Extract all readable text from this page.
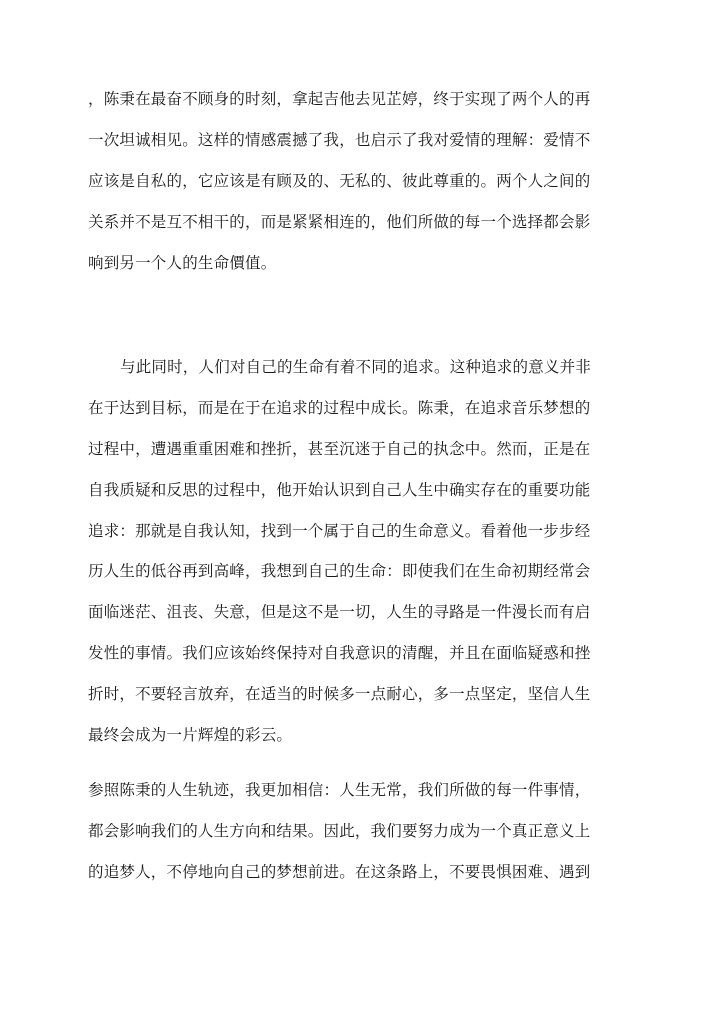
，陈秉在最奋不顾身的时刻，拿起吉他去见芷婷，终于实现了两个人的再
一次坦诚相见。这样的情感震撼了我，也启示了我对爱情的理解：爱情不
应该是自私的，它应该是有顾及的、无私的、彼此尊重的。两个人之间的
关系并不是互不相干的，而是紧紧相连的，他们所做的每一个选择都会影
响到另一个人的生命價值。
与此同时，人们对自己的生命有着不同的追求。这种追求的意义并非
在于达到目标，而是在于在追求的过程中成长。陈秉，在追求音乐梦想的
过程中，遭遇重重困难和挫折，甚至沉迷于自己的执念中。然而，正是在
自我质疑和反思的过程中，他开始认识到自己人生中确实存在的重要功能
追求：那就是自我认知，找到一个属于自己的生命意义。看着他一步步经
历人生的低谷再到高峰，我想到自己的生命：即使我们在生命初期经常会
面临迷茫、沮丧、失意，但是这不是一切，人生的寻路是一件漫长而有启
发性的事情。我们应该始终保持对自我意识的清醒，并且在面临疑惑和挫
折时，不要轻言放弃，在适当的时候多一点耐心，多一点坚定，坚信人生
最终会成为一片辉煌的彩云。
参照陈秉的人生轨迹，我更加相信：人生无常，我们所做的每一件事情，
都会影响我们的人生方向和结果。因此，我们要努力成为一个真正意义上
的追梦人，不停地向自己的梦想前进。在这条路上，不要畏惧困难、遇到
